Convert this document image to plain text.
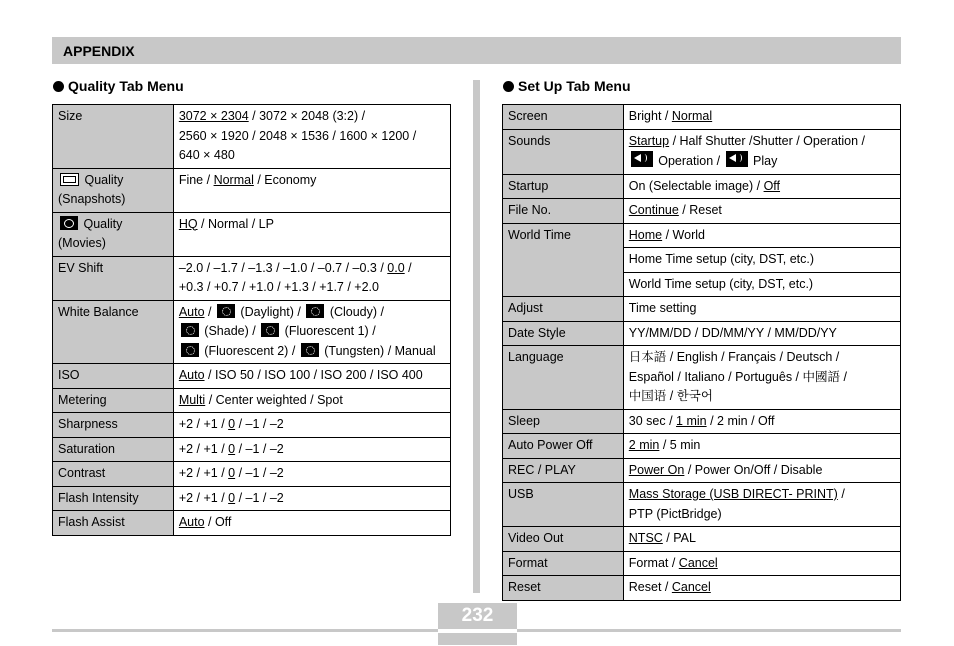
APPENDIX
Quality Tab Menu	Set Up Tab Menu
Size	3072 × 2304 / 3072 × 2048 (3:2) /
2560 × 1920 / 2048 × 1536 / 1600 × 1200 /
640 × 480
Quality
(Snapshots)	Fine / Normal / Economy
Quality
(Movies)	HQ / Normal / LP
EV Shift	–2.0 / –1.7 / –1.3 / –1.0 / –0.7 / –0.3 / 0.0 /
+0.3 / +0.7 / +1.0 / +1.3 / +1.7 / +2.0
White Balance	Auto /  (Daylight) /  (Cloudy) /
(Shade) /  (Fluorescent 1) /
(Fluorescent 2) /  (Tungsten) / Manual
ISO	Auto / ISO 50 / ISO 100 / ISO 200 / ISO 400
Metering	Multi / Center weighted / Spot
Sharpness	+2 / +1 / 0 / –1 / –2
Saturation	+2 / +1 / 0 / –1 / –2
Contrast	+2 / +1 / 0 / –1 / –2
Flash Intensity	+2 / +1 / 0 / –1 / –2
Flash Assist	Auto / Off
Screen	Bright / Normal
Sounds	Startup / Half Shutter /Shutter / Operation /
Operation /  Play
Startup	On (Selectable image) / Off
File No.	Continue / Reset
World Time	Home / World
	Home Time setup (city, DST, etc.)
	World Time setup (city, DST, etc.)
Adjust	Time setting
Date Style	YY/MM/DD / DD/MM/YY / MM/DD/YY
Language	日本語 / English / Français / Deutsch /
Español / Italiano / Português / 中國語 /
中国语 / 한국어
Sleep	30 sec / 1 min / 2 min / Off
Auto Power Off	2 min / 5 min
REC / PLAY	Power On / Power On/Off / Disable
USB	Mass Storage (USB DIRECT- PRINT) /
PTP (PictBridge)
Video Out	NTSC / PAL
Format	Format / Cancel
Reset	Reset / Cancel
232
